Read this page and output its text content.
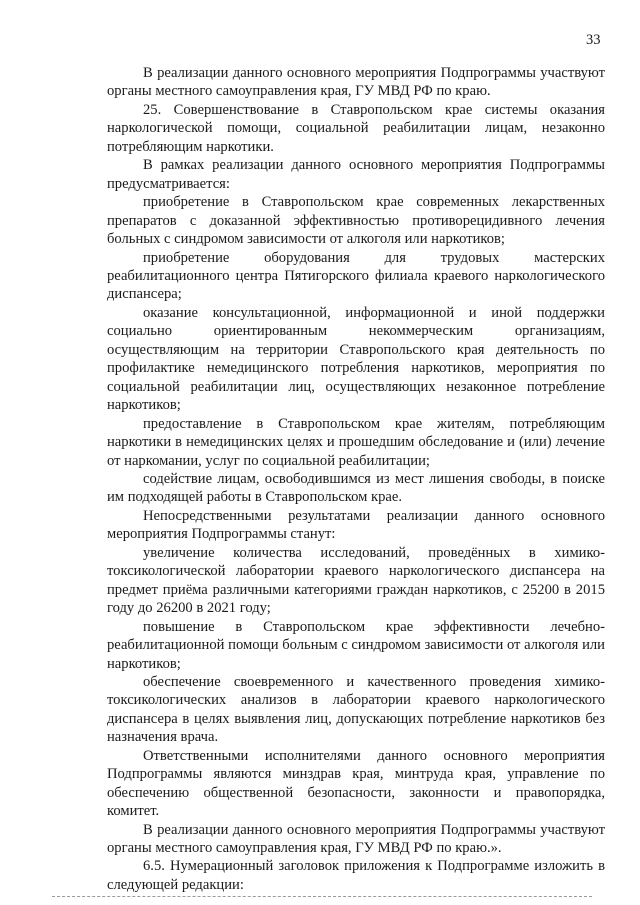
33

В реализации данного основного мероприятия Подпрограммы участвуют органы местного самоуправления края, ГУ МВД РФ по краю.

25. Совершенствование в Ставропольском крае системы оказания наркологической помощи, социальной реабилитации лицам, незаконно потребляющим наркотики.

В рамках реализации данного основного мероприятия Подпрограммы предусматривается:

приобретение в Ставропольском крае современных лекарственных препаратов с доказанной эффективностью противорецидивного лечения больных с синдромом зависимости от алкоголя или наркотиков;

приобретение оборудования для трудовых мастерских реабилитационного центра Пятигорского филиала краевого наркологического диспансера;

оказание консультационной, информационной и иной поддержки социально ориентированным некоммерческим организациям, осуществляющим на территории Ставропольского края деятельность по профилактике немедицинского потребления наркотиков, мероприятия по социальной реабилитации лиц, осуществляющих незаконное потребление наркотиков;

предоставление в Ставропольском крае жителям, потребляющим наркотики в немедицинских целях и прошедшим обследование и (или) лечение от наркомании, услуг по социальной реабилитации;

содействие лицам, освободившимся из мест лишения свободы, в поиске им подходящей работы в Ставропольском крае.

Непосредственными результатами реализации данного основного мероприятия Подпрограммы станут:

увеличение количества исследований, проведённых в химико-токсикологической лаборатории краевого наркологического диспансера на предмет приёма различными категориями граждан наркотиков, с 25200 в 2015 году до 26200 в 2021 году;

повышение в Ставропольском крае эффективности лечебно-реабилитационной помощи больным с синдромом зависимости от алкоголя или наркотиков;

обеспечение своевременного и качественного проведения химико-токсикологических анализов в лаборатории краевого наркологического диспансера в целях выявления лиц, допускающих потребление наркотиков без назначения врача.

Ответственными исполнителями данного основного мероприятия Подпрограммы являются минздрав края, минтруда края, управление по обеспечению общественной безопасности, законности и правопорядка, комитет.

В реализации данного основного мероприятия Подпрограммы участвуют органы местного самоуправления края, ГУ МВД РФ по краю.».

6.5. Нумерационный заголовок приложения к Подпрограмме изложить в следующей редакции:
